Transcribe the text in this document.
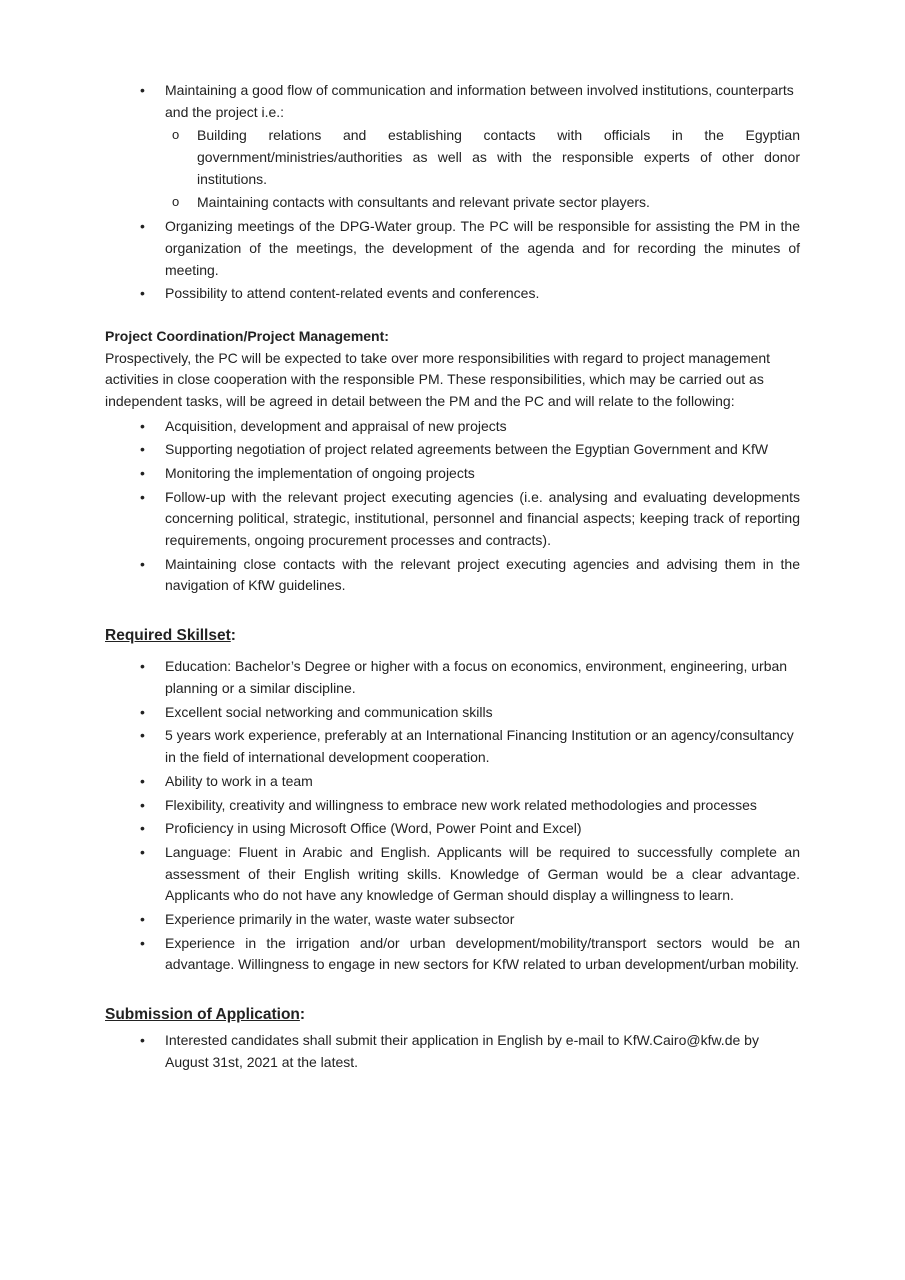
•	Maintaining a good flow of communication and information between involved institutions, counterparts and the project i.e.:
o	Building relations and establishing contacts with officials in the Egyptian government/ministries/authorities as well as with the responsible experts of other donor institutions.
o	Maintaining contacts with consultants and relevant private sector players.
•	Organizing meetings of the DPG-Water group. The PC will be responsible for assisting the PM in the organization of the meetings, the development of the agenda and for recording the minutes of meeting.
•	Possibility to attend content-related events and conferences.
Project Coordination/Project Management:

Prospectively, the PC will be expected to take over more responsibilities with regard to project management activities in close cooperation with the responsible PM. These responsibilities, which may be carried out as independent tasks, will be agreed in detail between the PM and the PC and will relate to the following:

•	Acquisition, development and appraisal of new projects
•	Supporting negotiation of project related agreements between the Egyptian Government and KfW
•	Monitoring the implementation of ongoing projects
•	Follow-up with the relevant project executing agencies (i.e. analysing and evaluating developments concerning political, strategic, institutional, personnel and financial aspects; keeping track of reporting requirements, ongoing procurement processes and contracts).
•	Maintaining close contacts with the relevant project executing agencies and advising them in the navigation of KfW guidelines.
Required Skillset:
•	Education: Bachelor’s Degree or higher with a focus on economics, environment, engineering, urban planning or a similar discipline.
•	Excellent social networking and communication skills
•	5 years work experience, preferably at an International Financing Institution or an agency/consultancy in the field of international development cooperation.
•	Ability to work in a team
•	Flexibility, creativity and willingness to embrace new work related methodologies and processes
•	Proficiency in using Microsoft Office (Word, Power Point and Excel)
•	Language: Fluent in Arabic and English. Applicants will be required to successfully complete an assessment of their English writing skills. Knowledge of German would be a clear advantage. Applicants who do not have any knowledge of German should display a willingness to learn.
•	Experience primarily in the water, waste water subsector
•	Experience in the irrigation and/or urban development/mobility/transport sectors would be an advantage. Willingness to engage in new sectors for KfW related to urban development/urban mobility.
Submission of Application:
•	Interested candidates shall submit their application in English by e-mail to KfW.Cairo@kfw.de by August 31st, 2021 at the latest.
